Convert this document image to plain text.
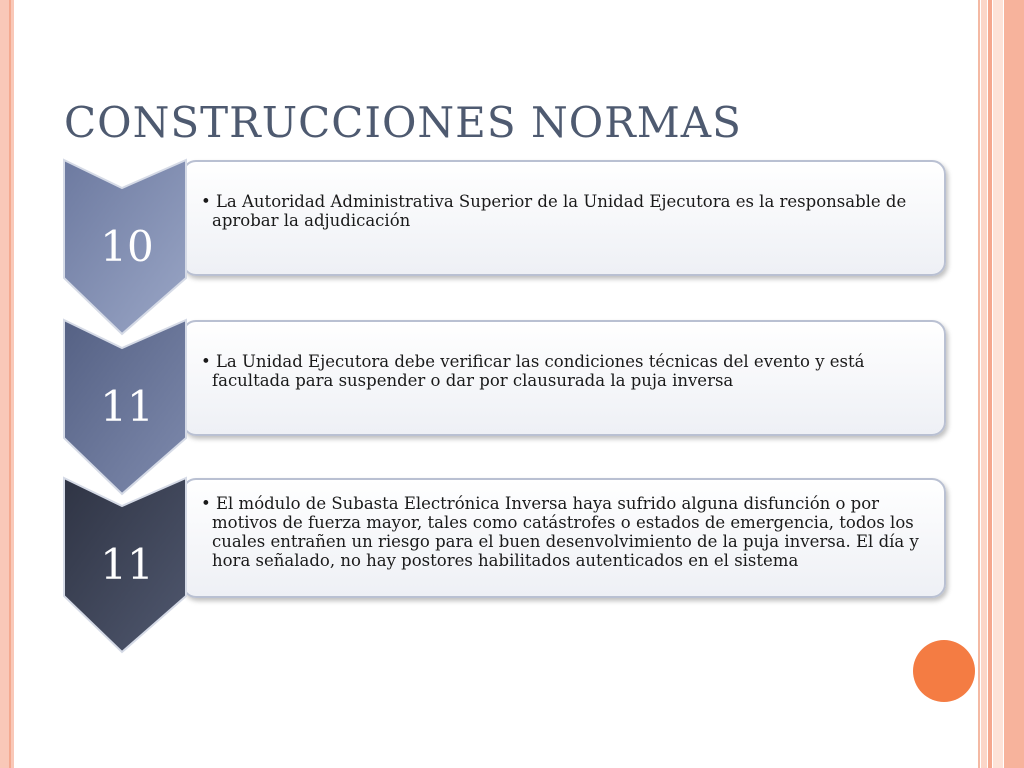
CONSTRUCCIONES NORMAS
• La Autoridad Administrativa Superior de la Unidad Ejecutora es la responsable de aprobar la adjudicación
10
• La Unidad Ejecutora debe verificar las condiciones técnicas del evento y está facultada para suspender o dar por clausurada la puja inversa
11
• El módulo de Subasta Electrónica Inversa haya sufrido alguna disfunción o por motivos de fuerza mayor, tales como catástrofes o estados de emergencia, todos los cuales entrañen un riesgo para el buen desenvolvimiento de la puja inversa. El día y hora señalado, no hay postores habilitados autenticados en el sistema
11
